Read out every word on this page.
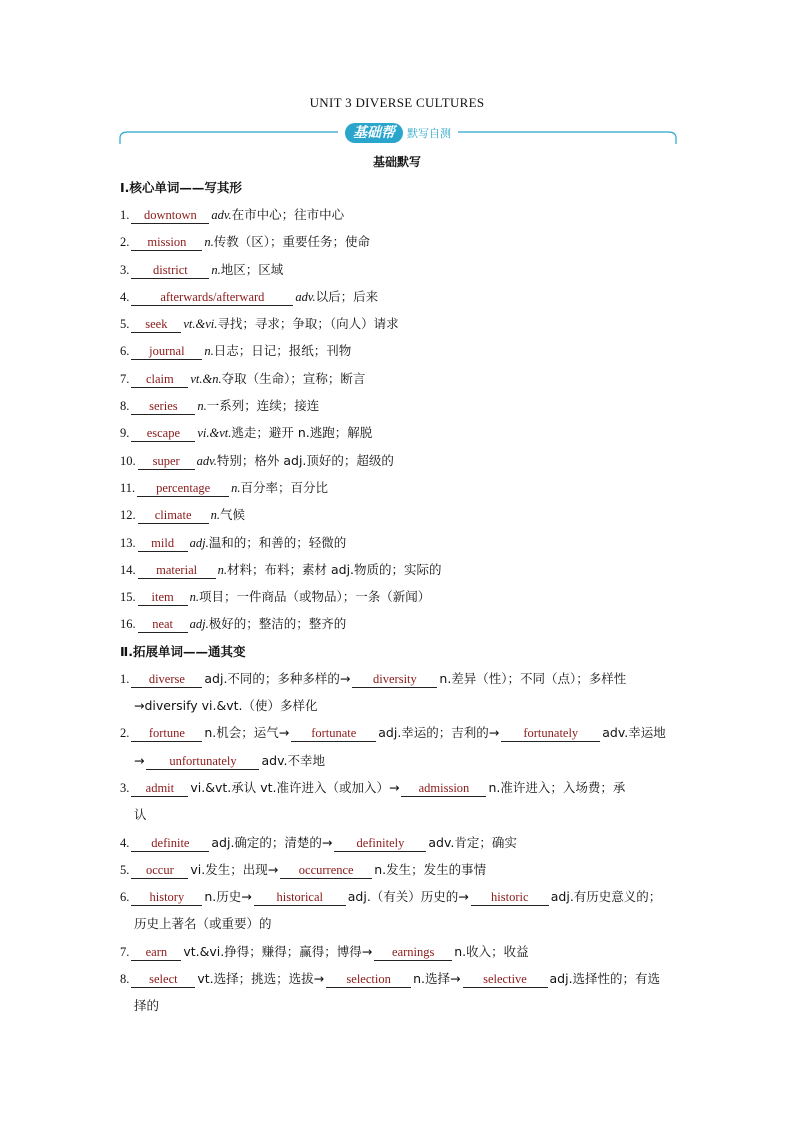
UNIT 3 DIVERSE CULTURES
基础帮	默写自测
基础默写
Ⅰ.核心单词——写其形
1. downtown adv.在市中心；往市中心
2. mission n.传教（区）；重要任务；使命
3. district n.地区；区域
4. afterwards/afterward adv.以后；后来
5. seek vt.&vi.寻找；寻求；争取；（向人）请求
6. journal n.日志；日记；报纸；刊物
7. claim vt.&n.夺取（生命）；宣称；断言
8. series n.一系列；连续；接连
9. escape vi.&vt.逃走；避开 n.逃跑；解脱
10. super adv.特别；格外 adj.顶好的；超级的
11. percentage n.百分率；百分比
12. climate n.气候
13. mild adj.温和的；和善的；轻微的
14. material n.材料；布料；素材 adj.物质的；实际的
15. item n.项目；一件商品（或物品）；一条（新闻）
16. neat adj.极好的；整洁的；整齐的
Ⅱ.拓展单词——通其变
1. diverse adj.不同的；多种多样的→ diversity n.差异（性）；不同（点）；多样性
→diversify vi.&vt.（使）多样化
2. fortune n.机会；运气→ fortunate adj.幸运的；吉利的→ fortunately adv.幸运地
→ unfortunately adv.不幸地
3. admit vi.&vt.承认 vt.准许进入（或加入）→ admission n.准许进入；入场费；承
认
4. definite adj.确定的；清楚的→ definitely adv.肯定；确实
5. occur vi.发生；出现→ occurrence n.发生；发生的事情
6. history n.历史→ historical adj.（有关）历史的→ historic adj.有历史意义的；
历史上著名（或重要）的
7. earn vt.&vi.挣得；赚得；赢得；博得→ earnings n.收入；收益
8. select vt.选择；挑选；选拔→ selection n.选择→ selective adj.选择性的；有选
择的
